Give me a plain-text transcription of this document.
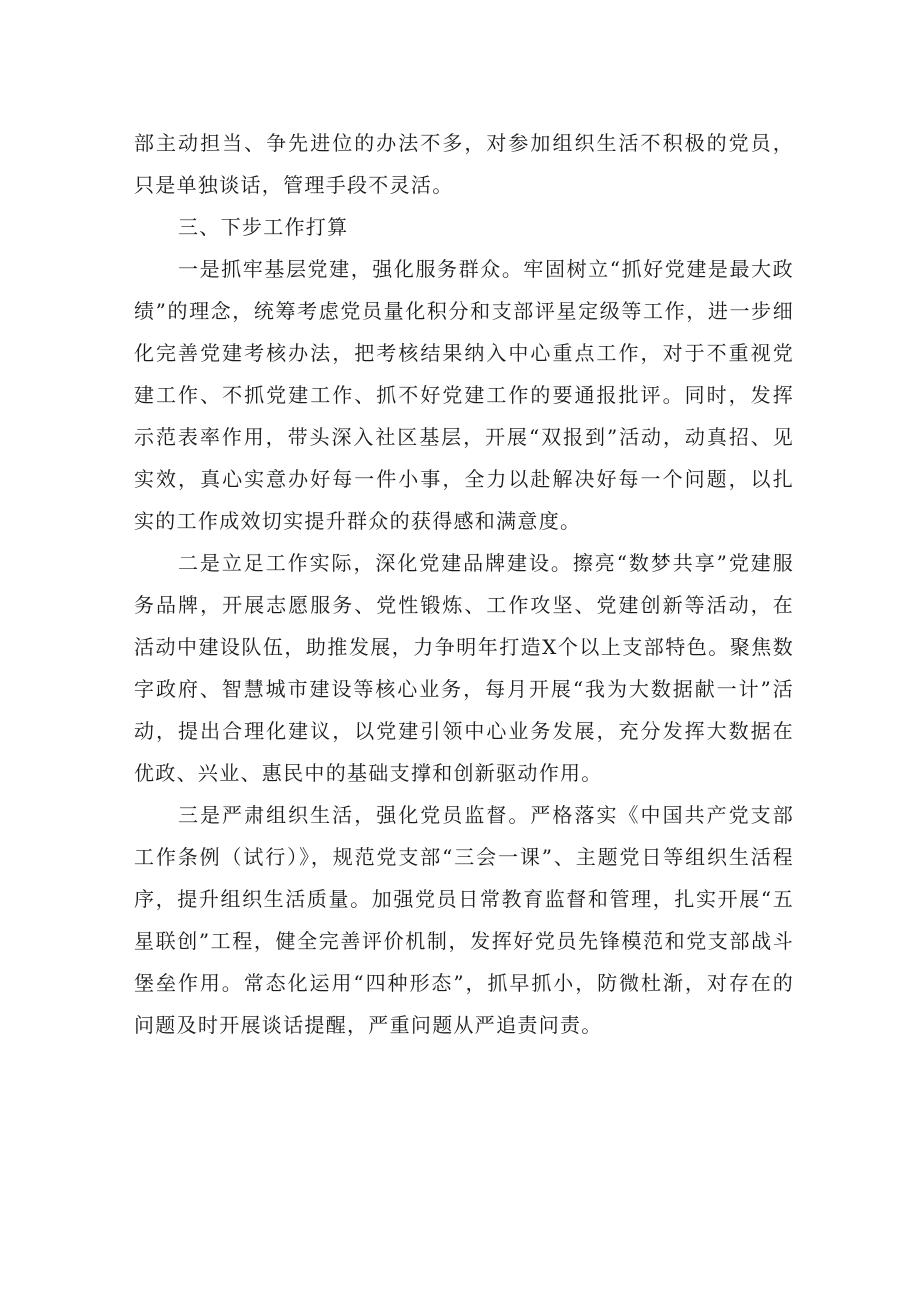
部主动担当、争先进位的办法不多，对参加组织生活不积极的党员，只是单独谈话，管理手段不灵活。

三、下步工作打算

一是抓牢基层党建，强化服务群众。牢固树立“抓好党建是最大政绩”的理念，统筹考虑党员量化积分和支部评星定级等工作，进一步细化完善党建考核办法，把考核结果纳入中心重点工作，对于不重视党建工作、不抓党建工作、抓不好党建工作的要通报批评。同时，发挥示范表率作用，带头深入社区基层，开展“双报到”活动，动真招、见实效，真心实意办好每一件小事，全力以赴解决好每一个问题，以扎实的工作成效切实提升群众的获得感和满意度。

二是立足工作实际，深化党建品牌建设。擦亮“数梦共享”党建服务品牌，开展志愿服务、党性锻炼、工作攻坚、党建创新等活动，在活动中建设队伍，助推发展，力争明年打造X个以上支部特色。聚焦数字政府、智慧城市建设等核心业务，每月开展“我为大数据献一计”活动，提出合理化建议，以党建引领中心业务发展，充分发挥大数据在优政、兴业、惠民中的基础支撑和创新驱动作用。

三是严肃组织生活，强化党员监督。严格落实《中国共产党支部工作条例（试行）》，规范党支部“三会一课”、主题党日等组织生活程序，提升组织生活质量。加强党员日常教育监督和管理，扎实开展“五星联创”工程，健全完善评价机制，发挥好党员先锋模范和党支部战斗堡垒作用。常态化运用“四种形态”，抓早抓小，防微杜渐，对存在的问题及时开展谈话提醒，严重问题从严追责问责。
